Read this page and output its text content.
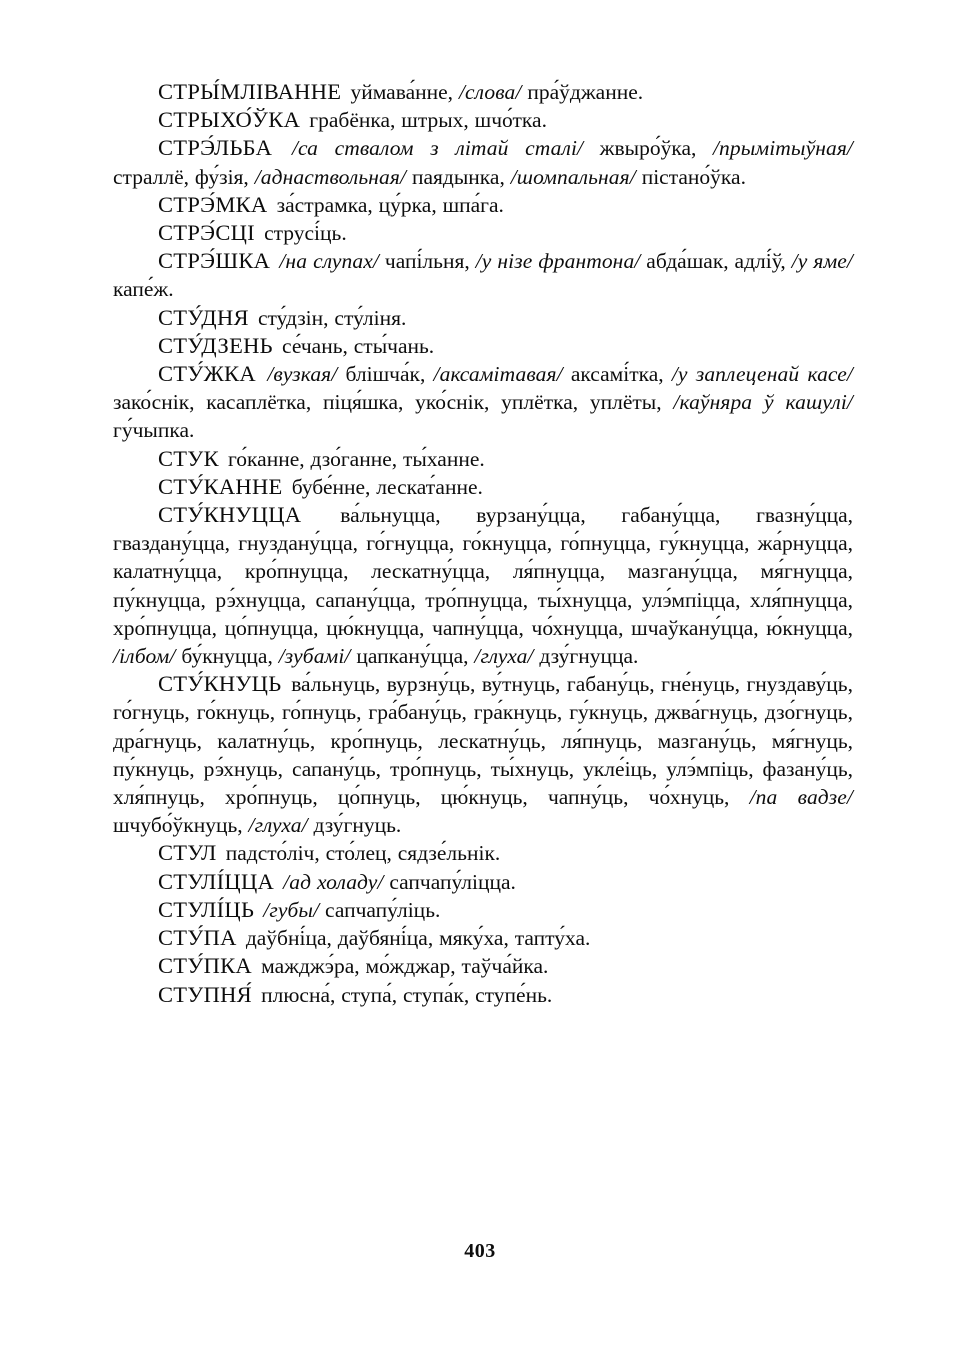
СТРЫ́МЛІВАННЕ уймава́нне, /слова/ пра́ўджанне.

СТРЫХО́ЎКА грабёнка, штрых, шчо́тка.

СТРЭ́ЛЬБА /са ствалом з літай сталі/ жвыро́ўка, /прымітыўная/ страллё, фу́зія, /аднаствольная/ паядынка, /шомпальная/ пістано́ўка.

СТРЭ́МКА за́страмка, цу́рка, шпа́га.

СТРЭ́СЦІ струсі́ць.

СТРЭ́ШКА /на слупах/ чапі́льня, /у нізе франтона/ абда́шак, адлі́ў, /у яме/ капе́ж.

СТУ́ДНЯ сту́дзін, сту́ліня.

СТУ́ДЗЕНЬ се́чань, сты́чань.

СТУ́ЖКА /вузкая/ блішча́к, /аксамітавая/ аксамі́тка, /у заплеценай касе/ зако́снік, касаплётка, піця́шка, уко́снік, уплётка, уплёты, /каўняра ў кашулі/ гу́чыпка.

СТУК го́канне, дзо́ганне, ты́ханне.

СТУ́КАННЕ бубе́нне, лескат́анне.

СТУ́КНУЦЦА ва́льнуцца, вурзану́цца, габану́цца, гвазну́цца, гваздану́цца, гнуздану́цца, го́гнуцца, го́кнуцца, го́пнуцца, гу́кнуцца, жа́рнуцца, калатну́цца, кро́пнуцца, лескатну́цца, ля́пнуцца, мазгану́цца, мя́гнуцца, пу́кнуцца, рэ́хнуцца, сапану́цца, тро́пнуцца, ты́хнуцца, улэ́мпіцца, хля́пнуцца, хро́пнуцца, цо́пнуцца, цю́кнуцца, чапну́цца, чо́хнуцца, шчаўкану́цца, ю́кнуцца, /ілбом/ бу́кнуцца, /зубамі/ цапкану́цца, /глуха/ дзу́гнуцца.

СТУ́КНУЦЬ ва́льнуць, вурзну́ць, ву́тнуць, габану́ць, гне́нуць, гнуздаву́ць, го́гнуць, го́кнуць, го́пнуць, гра́бану́ць, гра́кнуць, гу́кнуць, джва́гнуць, дзо́гнуць, дра́гнуць, калатну́ць, кро́пнуць, лескатну́ць, ля́пнуць, мазгану́ць, мя́гнуць, пу́кнуць, рэ́хнуць, сапану́ць, тро́пнуць, ты́хнуць, укле́іць, улэ́мпіць, фазану́ць, хля́пнуць, хро́пнуць, цо́пнуць, цю́кнуць, чапну́ць, чо́хнуць, /па вадзе/ шчубо́ўкнуць, /глуха/ дзу́гнуць.

СТУЛ падсто́ліч, сто́лец, сядзе́льнік.

СТУЛІ́ЦЦА /ад холаду/ сапчапу́ліцца.

СТУЛІ́ЦЬ /губы/ сапчапу́ліць.

СТУ́ПА даўбні́ца, даўбяні́ца, мяку́ха, тапту́ха.

СТУ́ПКА мажджэ́ра, мо́жджар, таўча́йка.

СТУПНЯ́ плюсна́, ступа́, ступа́к, ступе́нь.

403
